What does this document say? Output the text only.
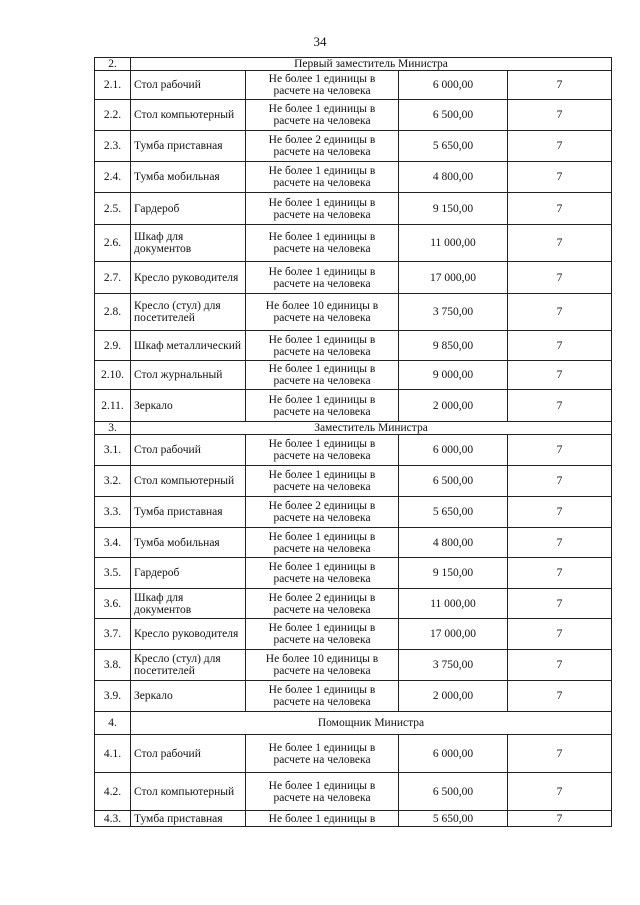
34
2.	Первый заместитель Министра			
2.1.	Стол рабочий	Не более 1 единицы в расчете на человека	6 000,00	7
2.2.	Стол компьютерный	Не более 1 единицы в расчете на человека	6 500,00	7
2.3.	Тумба приставная	Не более 2 единицы в расчете на человека	5 650,00	7
2.4.	Тумба мобильная	Не более 1 единицы в расчете на человека	4 800,00	7
2.5.	Гардероб	Не более 1 единицы в расчете на человека	9 150,00	7
2.6.	Шкаф для документов	Не более 1 единицы в расчете на человека	11 000,00	7
2.7.	Кресло руководителя	Не более 1 единицы в расчете на человека	17 000,00	7
2.8.	Кресло (стул) для посетителей	Не более 10 единицы в расчете на человека	3 750,00	7
2.9.	Шкаф металлический	Не более 1 единицы в расчете на человека	9 850,00	7
2.10.	Стол журнальный	Не более 1 единицы в расчете на человека	9 000,00	7
2.11.	Зеркало	Не более 1 единицы в расчете на человека	2 000,00	7
3.	Заместитель Министра			
3.1.	Стол рабочий	Не более 1 единицы в расчете на человека	6 000,00	7
3.2.	Стол компьютерный	Не более 1 единицы в расчете на человека	6 500,00	7
3.3.	Тумба приставная	Не более 2 единицы в расчете на человека	5 650,00	7
3.4.	Тумба мобильная	Не более 1 единицы в расчете на человека	4 800,00	7
3.5.	Гардероб	Не более 1 единицы в расчете на человека	9 150,00	7
3.6.	Шкаф для документов	Не более 2 единицы в расчете на человека	11 000,00	7
3.7.	Кресло руководителя	Не более 1 единицы в расчете на человека	17 000,00	7
3.8.	Кресло (стул) для посетителей	Не более 10 единицы в расчете на человека	3 750,00	7
3.9.	Зеркало	Не более 1 единицы в расчете на человека	2 000,00	7
4.	Помощник Министра			
4.1.	Стол рабочий	Не более 1 единицы в расчете на человека	6 000,00	7
4.2.	Стол компьютерный	Не более 1 единицы в расчете на человека	6 500,00	7
4.3.	Тумба приставная	Не более 1 единицы в	5 650,00	7
